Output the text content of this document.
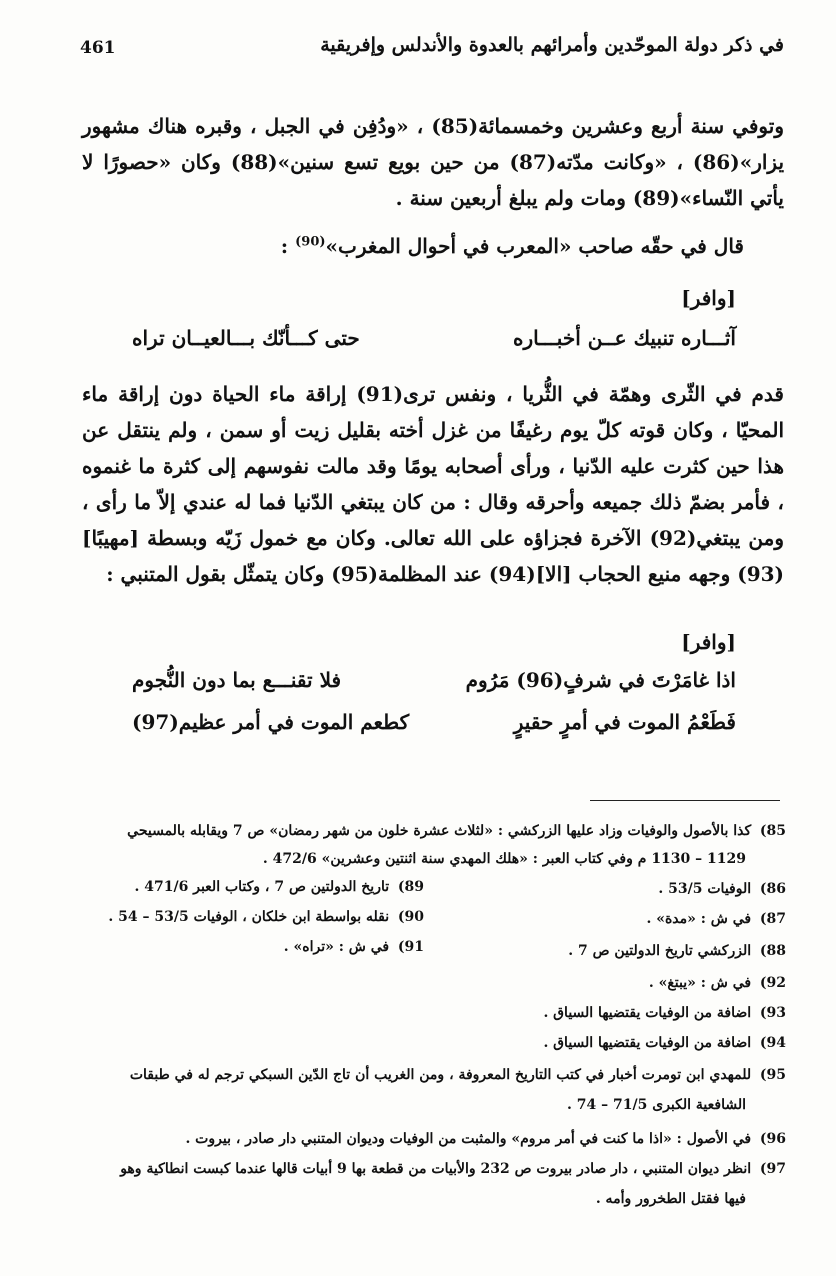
في ذكر دولة الموحّدين وأمرائهم بالعدوة والأندلس وإفريقية
461
وتوفي سنة أربع وعشرين وخمسمائة(85) ، «ودُفِن في الجبل ، وقبره هناك مشهور يزار»(86) ، «وكانت مدّته(87) من حين بويع تسع سنين»(88) وكان «حصورًا لا يأتي النّساء»(89) ومات ولم يبلغ أربعين سنة .
قال في حقّه صاحب «المعرب في أحوال المغرب»$^{(90)}$ :
[وافر]
آثـــاره تنبيك عــن أخبـــاره
حتى كـــأنّك بـــالعيــان تراه
قدم في الثّرى وهمّة في الثُّريا ، ونفس ترى(91) إراقة ماء الحياة دون إراقة ماء المحيّا ، وكان قوته كلّ يوم رغيفًا من غزل أخته بقليل زيت أو سمن ، ولم ينتقل عن هذا حين كثرت عليه الدّنيا ، ورأى أصحابه يومًا وقد مالت نفوسهم إلى كثرة ما غنموه ، فأمر بضمّ ذلك جميعه وأحرقه وقال : من كان يبتغي الدّنيا فما له عندي إلاّ ما رأى ، ومن يبتغي(92) الآخرة فجزاؤه على الله تعالى. وكان مع خمول زَيّه وبسطة [مهيبًا](93) وجهه منيع الحجاب [الا](94) عند المظلمة(95) وكان يتمثّل بقول المتنبي :
[وافر]
اذا غامَرْتَ في شرفٍ(96) مَرُوم
فلا تقنـــع بما دون النُّجوم
فَطَعْمُ الموت في أمرٍ حقيرٍ
كطعم الموت في أمر عظيم(97)
85) كذا بالأصول والوفيات وزاد عليها الزركشي : «لثلاث عشرة خلون من شهر رمضان» ص 7 ويقابله بالمسيحي
1129 – 1130 م وفي كتاب العبر : «هلك المهدي سنة اثنتين وعشرين» 472/6 .
86) الوفيات 53/5 .
89) تاريخ الدولتين ص 7 ، وكتاب العبر 471/6 .
87) في ش : «مدة» .
90) نقله بواسطة ابن خلكان ، الوفيات 53/5 – 54 .
88) الزركشي تاريخ الدولتين ص 7 .
91) في ش : «تراه» .
92) في ش : «يبتغ» .
93) اضافة من الوفيات يقتضيها السياق .
94) اضافة من الوفيات يقتضيها السياق .
95) للمهدي ابن تومرت أخبار في كتب التاريخ المعروفة ، ومن الغريب أن تاج الدّين السبكي ترجم له في طبقات
الشافعية الكبرى 71/5 – 74 .
96) في الأصول : «اذا ما كنت في أمر مروم» والمثبت من الوفيات وديوان المتنبي دار صادر ، بيروت .
97) انظر ديوان المتنبي ، دار صادر بيروت ص 232 والأبيات من قطعة بها 9 أبيات قالها عندما كبست انطاكية وهو
فيها فقتل الطخرور وأمه .
